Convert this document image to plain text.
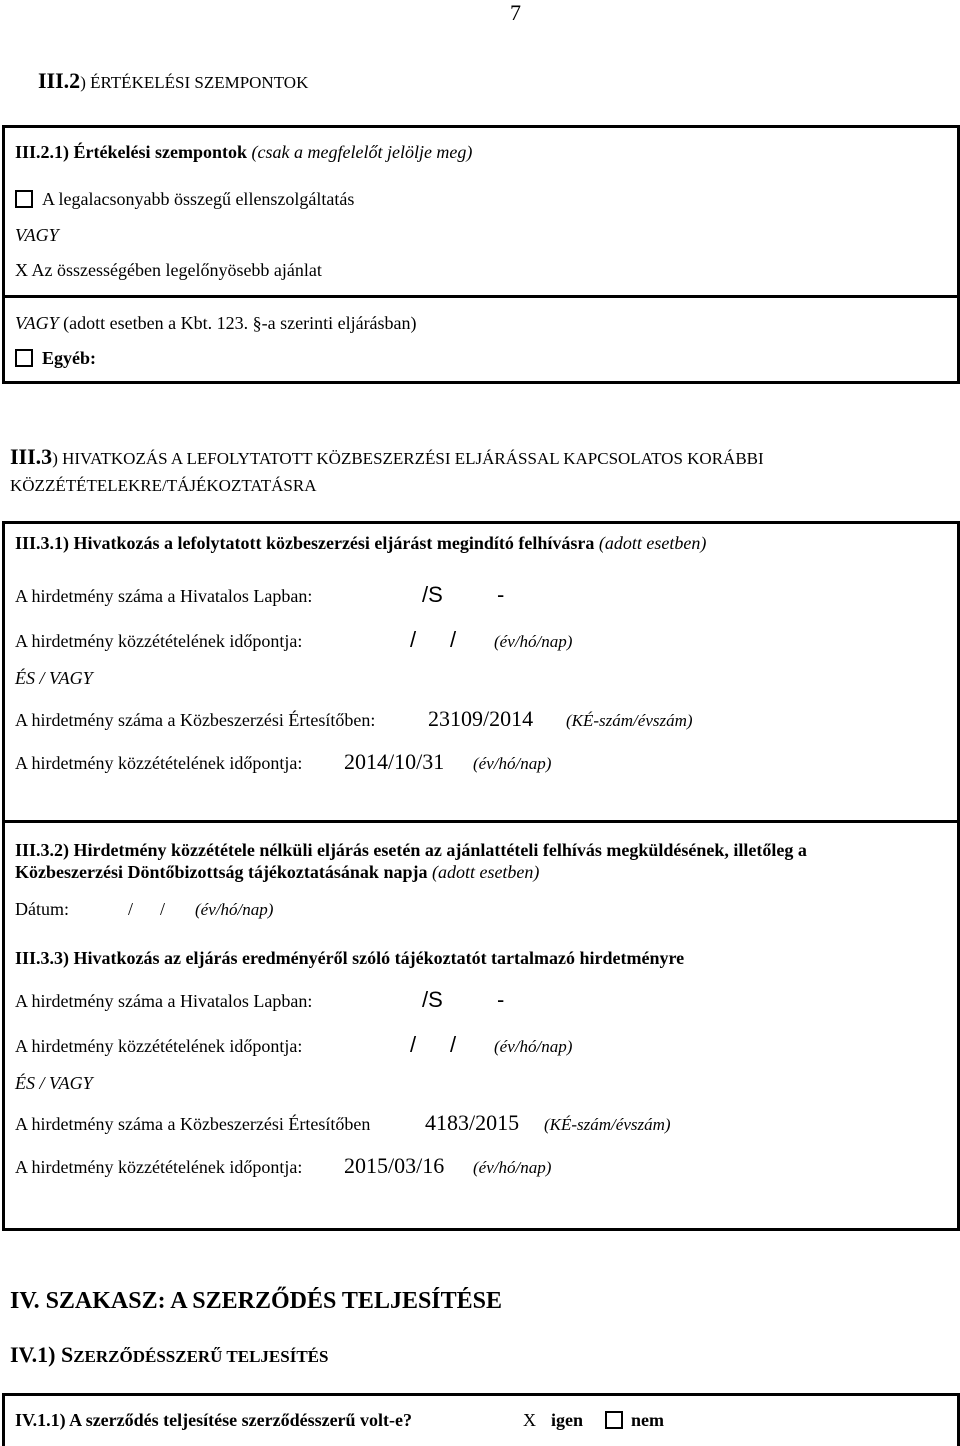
7
III.2) ÉRTÉKELÉSI SZEMPONTOK
III.2.1) Értékelési szempontok (csak a megfelelőt jelölje meg)
A legalacsonyabb összegű ellenszolgáltatás
VAGY
X Az összességében legelőnyösebb ajánlat
VAGY (adott esetben a Kbt. 123. §-a szerinti eljárásban)
Egyéb:
III.3) HIVATKOZÁS A LEFOLYTATOTT KÖZBESZERZÉSI ELJÁRÁSSAL KAPCSOLATOS KORÁBBI
KÖZZÉTÉTELEKRE/TÁJÉKOZTATÁSRA
III.3.1) Hivatkozás a lefolytatott közbeszerzési eljárást megindító felhívásra (adott esetben)
A hirdetmény száma a Hivatalos Lapban:	/S -
A hirdetmény közzétételének időpontja:	/ / (év/hó/nap)
ÉS / VAGY
A hirdetmény száma a Közbeszerzési Értesítőben: 23109/2014 (KÉ-szám/évszám)
A hirdetmény közzétételének időpontja: 2014/10/31 (év/hó/nap)
III.3.2) Hirdetmény közzététele nélküli eljárás esetén az ajánlattételi felhívás megküldésének, illetőleg a
Közbeszerzési Döntőbizottság tájékoztatásának napja (adott esetben)
Dátum:	/ / (év/hó/nap)
III.3.3) Hivatkozás az eljárás eredményéről szóló tájékoztatót tartalmazó hirdetményre
A hirdetmény száma a Hivatalos Lapban:	/S -
A hirdetmény közzétételének időpontja:	/ / (év/hó/nap)
ÉS / VAGY
A hirdetmény száma a Közbeszerzési Értesítőben 4183/2015 (KÉ-szám/évszám)
A hirdetmény közzétételének időpontja: 2015/03/16 (év/hó/nap)
IV. SZAKASZ: A SZERZŐDÉS TELJESÍTÉSE
IV.1) SZERZŐDÉSSZERŰ TELJESÍTÉS
IV.1.1) A szerződés teljesítése szerződésszerű volt-e?	X igen	nem
